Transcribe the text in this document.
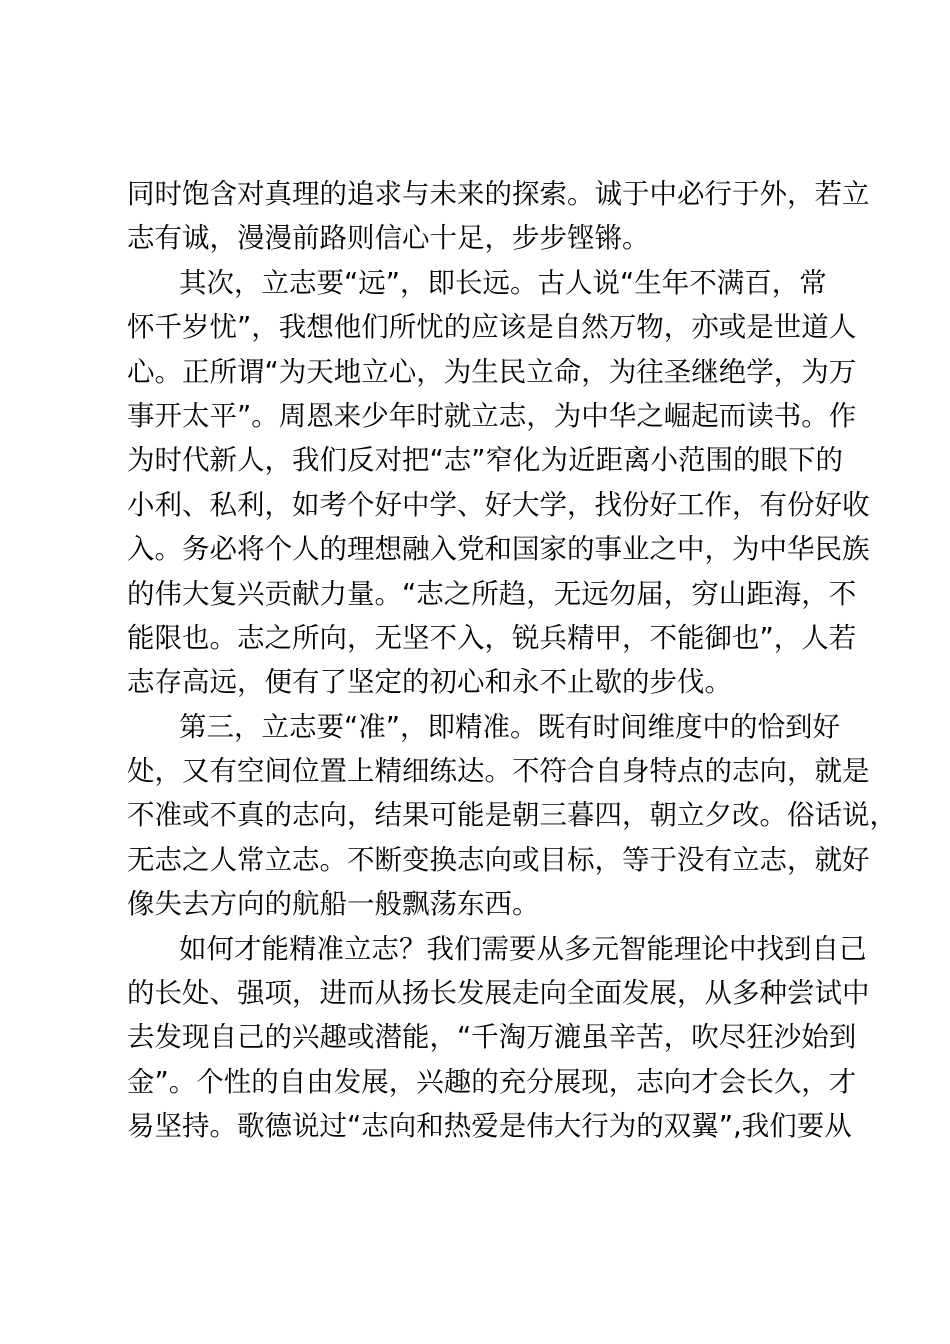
同时饱含对真理的追求与未来的探索。诚于中必行于外，若立
志有诚，漫漫前路则信心十足，步步铿锵。
其次，立志要“远”，即长远。古人说“生年不满百，常
怀千岁忧”，我想他们所忧的应该是自然万物，亦或是世道人
心。正所谓“为天地立心，为生民立命，为往圣继绝学，为万
事开太平”。周恩来少年时就立志，为中华之崛起而读书。作
为时代新人，我们反对把“志”窄化为近距离小范围的眼下的
小利、私利，如考个好中学、好大学，找份好工作，有份好收
入。务必将个人的理想融入党和国家的事业之中，为中华民族
的伟大复兴贡献力量。“志之所趋，无远勿届，穷山距海，不
能限也。志之所向，无坚不入，锐兵精甲，不能御也”，人若
志存高远，便有了坚定的初心和永不止歇的步伐。
第三，立志要“准”，即精准。既有时间维度中的恰到好
处，又有空间位置上精细练达。不符合自身特点的志向，就是
不准或不真的志向，结果可能是朝三暮四，朝立夕改。俗话说，
无志之人常立志。不断变换志向或目标，等于没有立志，就好
像失去方向的航船一般飘荡东西。
如何才能精准立志？我们需要从多元智能理论中找到自己
的长处、强项，进而从扬长发展走向全面发展，从多种尝试中
去发现自己的兴趣或潜能，“千淘万漉虽辛苦，吹尽狂沙始到
金”。个性的自由发展，兴趣的充分展现，志向才会长久，才
易坚持。歌德说过“志向和热爱是伟大行为的双翼”,我们要从
